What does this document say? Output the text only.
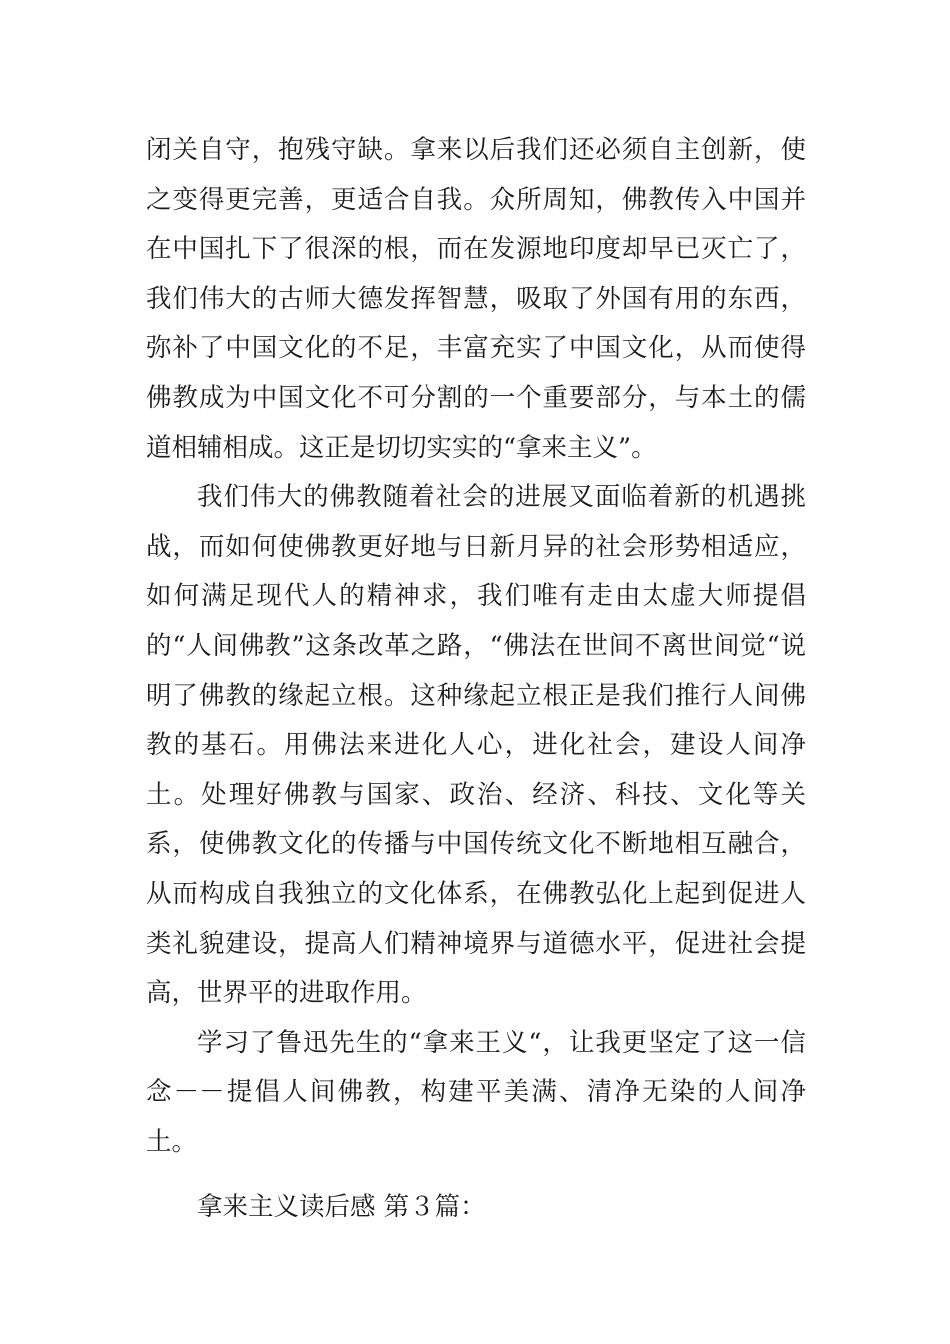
闭关自守，抱残守缺。拿来以后我们还必须自主创新，使之变得更完善，更适合自我。众所周知，佛教传入中国并在中国扎下了很深的根，而在发源地印度却早已灭亡了，我们伟大的古师大德发挥智慧，吸取了外国有用的东西，弥补了中国文化的不足，丰富充实了中国文化，从而使得佛教成为中国文化不可分割的一个重要部分，与本土的儒道相辅相成。这正是切切实实的“拿来主义”。

我们伟大的佛教随着社会的进展叉面临着新的机遇挑战，而如何使佛教更好地与日新月异的社会形势相适应，如何满足现代人的精神求，我们唯有走由太虚大师提倡的“人间佛教”这条改革之路，“佛法在世间不离世间觉“说明了佛教的缘起立根。这种缘起立根正是我们推行人间佛教的基石。用佛法来进化人心，进化社会，建设人间净土。处理好佛教与国家、政治、经济、科技、文化等关系，使佛教文化的传播与中国传统文化不断地相互融合，从而构成自我独立的文化体系，在佛教弘化上起到促进人类礼貌建设，提高人们精神境界与道德水平，促进社会提高，世界平的进取作用。

学习了鲁迅先生的“拿来王义“，让我更坚定了这一信念－－提倡人间佛教，构建平美满、清净无染的人间净土。

拿来主义读后感 第３篇：
